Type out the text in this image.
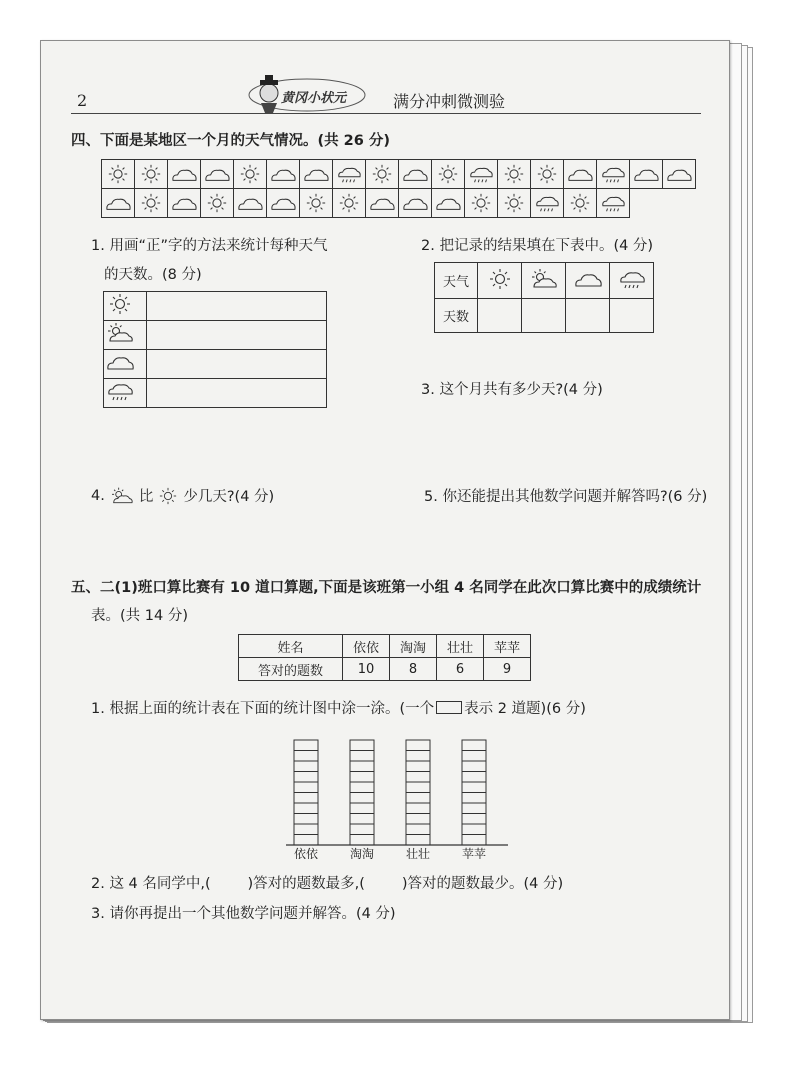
2	黄冈小状元	满分冲刺微测验
四、下面是某地区一个月的天气情况。(共 26 分)

1. 用画“正”字的方法来统计每种天气
的天数。(8 分)

2. 把记录的结果填在下表中。(4 分)
天气				
天数				
3. 这个月共有多少天?(4 分)
4. 比 少几天?(4 分)	5. 你还能提出其他数学问题并解答吗?(6 分)
五、二(1)班口算比赛有 10 道口算题,下面是该班第一小组 4 名同学在此次口算比赛中的成绩统计
表。(共 14 分)
姓名	依依	淘淘	壮壮	苹苹
答对的题数	10	8	6	9
1. 根据上面的统计表在下面的统计图中涂一涂。(一个 表示 2 道题)(6 分)
依依	淘淘	壮壮	苹苹
2. 这 4 名同学中,(        )答对的题数最多,(        )答对的题数最少。(4 分)
3. 请你再提出一个其他数学问题并解答。(4 分)
